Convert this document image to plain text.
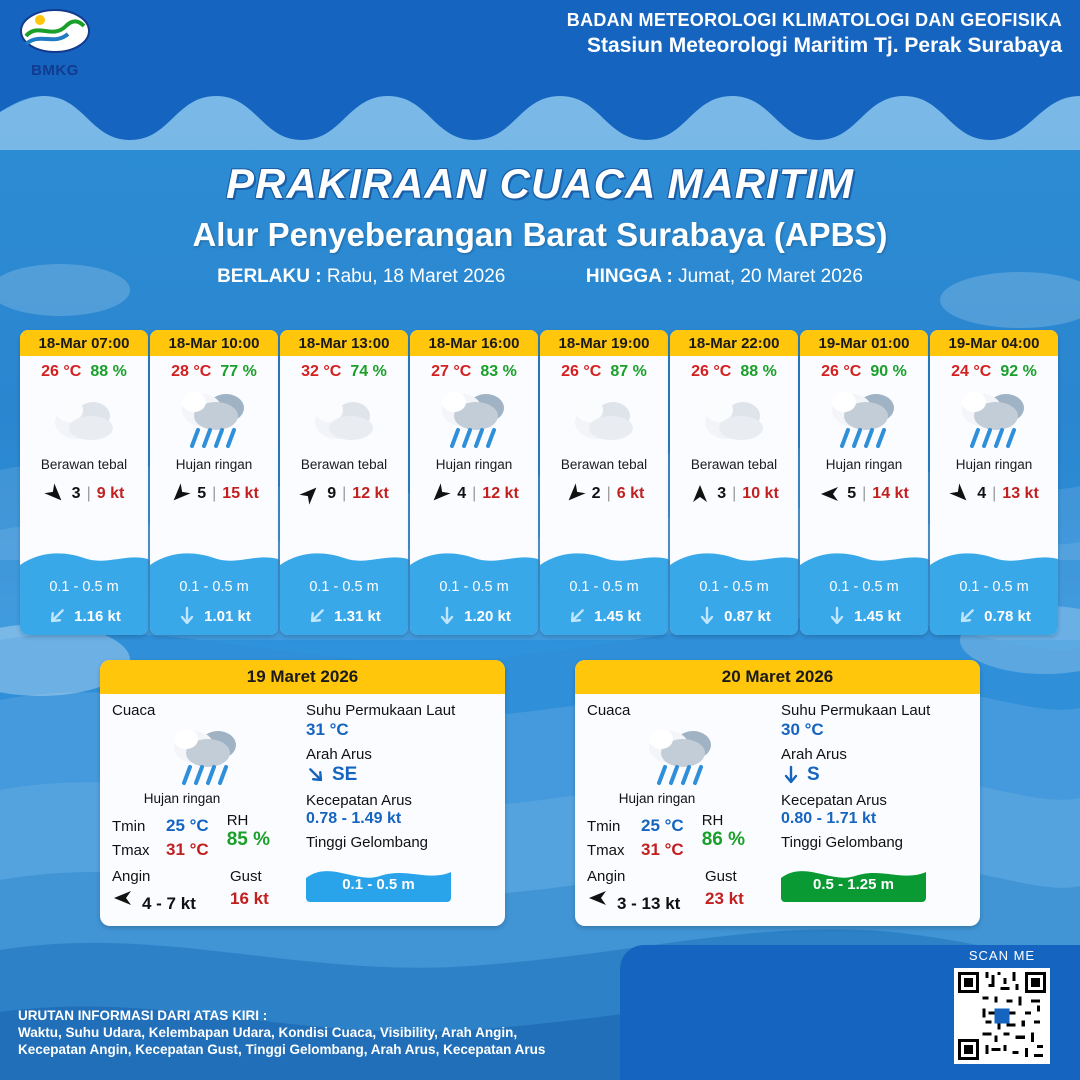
BMKG
BADAN METEOROLOGI KLIMATOLOGI DAN GEOFISIKA
Stasiun Meteorologi Maritim Tj. Perak Surabaya
PRAKIRAAN CUACA MARITIM
Alur Penyeberangan Barat Surabaya (APBS)
BERLAKU : Rabu, 18 Maret 2026	HINGGA : Jumat, 20 Maret 2026
18-Mar 07:00
26 °C 88 %
Berawan tebal
3 | 9 kt
0.1 - 0.5 m
1.16 kt
18-Mar 10:00
28 °C 77 %
Hujan ringan
5 | 15 kt
0.1 - 0.5 m
1.01 kt
18-Mar 13:00
32 °C 74 %
Berawan tebal
9 | 12 kt
0.1 - 0.5 m
1.31 kt
18-Mar 16:00
27 °C 83 %
Hujan ringan
4 | 12 kt
0.1 - 0.5 m
1.20 kt
18-Mar 19:00
26 °C 87 %
Berawan tebal
2 | 6 kt
0.1 - 0.5 m
1.45 kt
18-Mar 22:00
26 °C 88 %
Berawan tebal
3 | 10 kt
0.1 - 0.5 m
0.87 kt
19-Mar 01:00
26 °C 90 %
Hujan ringan
5 | 14 kt
0.1 - 0.5 m
1.45 kt
19-Mar 04:00
24 °C 92 %
Hujan ringan
4 | 13 kt
0.1 - 0.5 m
0.78 kt
19 Maret 2026
Cuaca
Hujan ringan
Tmin	25 °C
Tmax 31 °C
RH
85 %
Angin
4 - 7 kt
Gust
16 kt
Suhu Permukaan Laut
31 °C
Arah Arus
SE
Kecepatan Arus
0.78 - 1.49 kt
Tinggi Gelombang
0.1 - 0.5 m
20 Maret 2026
Cuaca
Hujan ringan
Tmin	25 °C
Tmax 31 °C
RH
86 %
Angin
3 - 13 kt
Gust
23 kt
Suhu Permukaan Laut
30 °C
Arah Arus
S
Kecepatan Arus
0.80 - 1.71 kt
Tinggi Gelombang
0.5 - 1.25 m
URUTAN INFORMASI DARI ATAS KIRI :
Waktu, Suhu Udara, Kelembapan Udara, Kondisi Cuaca, Visibility, Arah Angin,
Kecepatan Angin, Kecepatan Gust, Tinggi Gelombang, Arah Arus, Kecepatan Arus
SCAN ME
